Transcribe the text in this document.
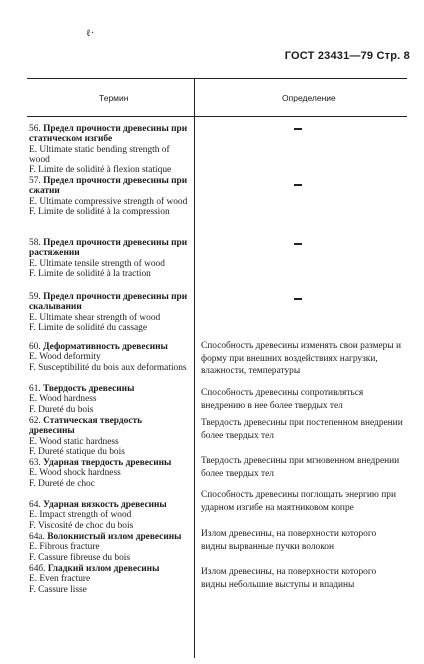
ℓ·
ГОСТ 23431—79 Стр. 8
Термин	Определение
56. Предел прочности древесины при статическом изгибе
E. Ultimate static bending strength of wood
F. Limite de solidité à flexion statique
57. Предел прочности древесины при сжатии
E. Ultimate compressive strength of wood
F. Limite de solidité à la compression
58. Предел прочности древесины при растяжении
E. Ultimate tensile strength of wood
F. Limite de solidité à la traction
59. Предел прочности древесины при скалывании
E. Ultimate shear strength of wood
F. Limite de solidité du cassage
60. Деформативность древесины
E. Wood deformity
F. Susceptibilité du bois aux deformations
61. Твердость древесины
E. Wood hardness
F. Dureté du bois
62. Статическая твердость древесины
E. Wood static hardness
F. Dureté statique du bois
63. Ударная твердость древесины
E. Wood shock hardness
F. Dureté de choc
64. Ударная вязкость древесины
E. Impact strength of wood
F. Viscosité de choc du bois
64а. Волокнистый излом древесины
E. Fibrous fracture
F. Cassure fibreuse du bois
64б. Гладкий излом древесины
E. Even fracture
F. Cassure lisse
Способность древесины изменять свои размеры и форму при внешних воздействиях нагрузки, влажности, температуры
Способность древесины сопротивляться внедрению в нее более твердых тел
Твердость древесины при постепенном внедрении более твердых тел
Твердость древесины при мгновенном внедрении более твердых тел
Способность древесины поглощать энергию при ударном изгибе на маятниковом копре
Излом древесины, на поверхности которого видны вырванные пучки волокон
Излом древесины, на поверхности которого видны небольшие выступы и впадины
